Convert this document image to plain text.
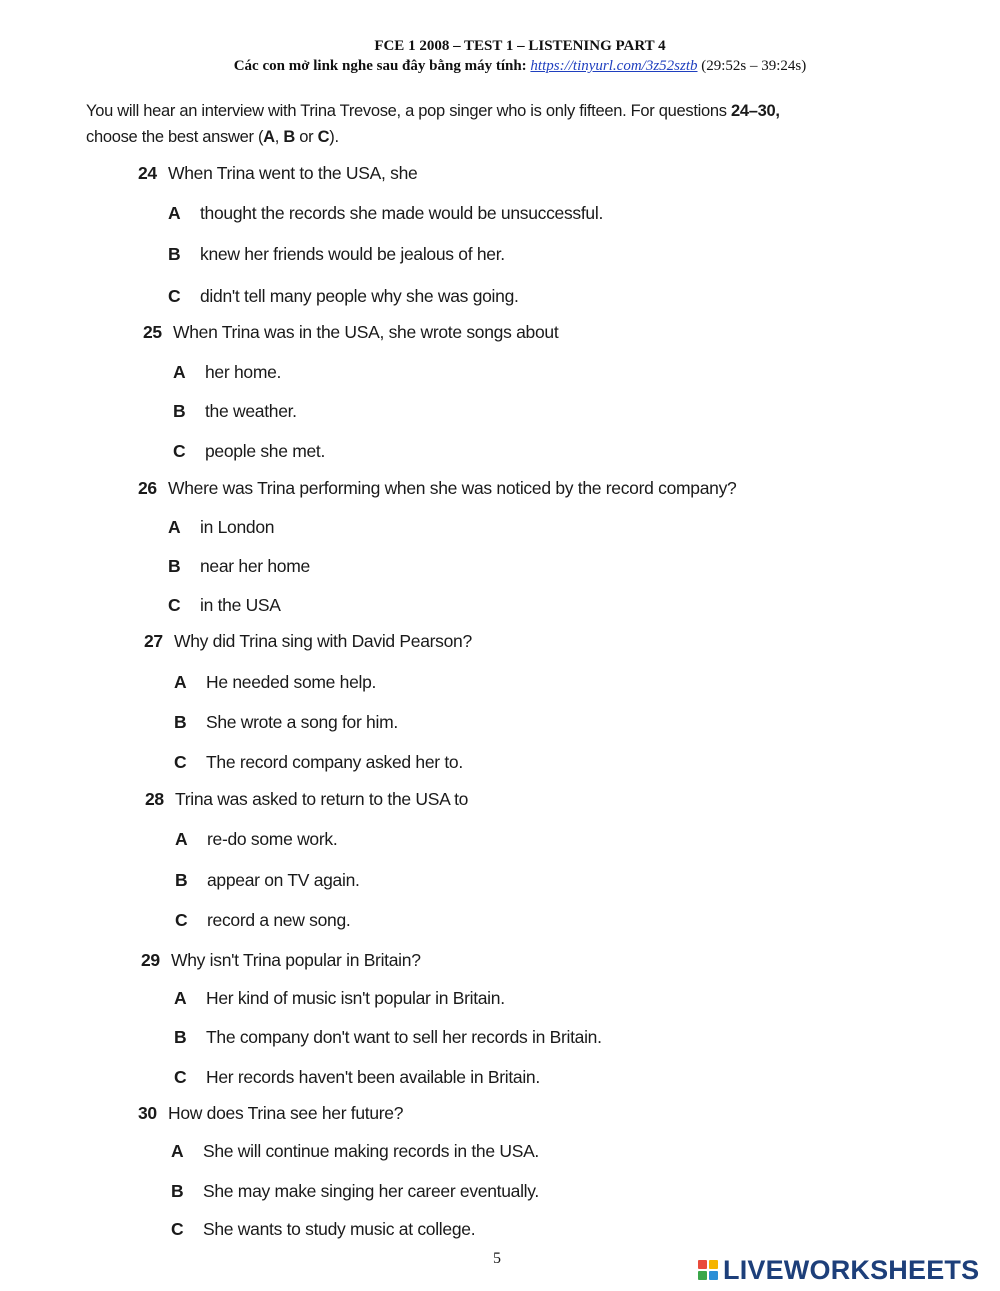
FCE 1 2008 – TEST 1 – LISTENING PART 4
Các con mở link nghe sau đây bằng máy tính: https://tinyurl.com/3z52sztb (29:52s – 39:24s)
You will hear an interview with Trina Trevose, a pop singer who is only fifteen. For questions 24–30,
choose the best answer (A, B or C).
24 When Trina went to the USA, she
A thought the records she made would be unsuccessful.
B knew her friends would be jealous of her.
C didn't tell many people why she was going.
25 When Trina was in the USA, she wrote songs about
A her home.
B the weather.
C people she met.
26 Where was Trina performing when she was noticed by the record company?
A in London
B near her home
C in the USA
27 Why did Trina sing with David Pearson?
A He needed some help.
B She wrote a song for him.
C The record company asked her to.
28 Trina was asked to return to the USA to
A re-do some work.
B appear on TV again.
C record a new song.
29 Why isn't Trina popular in Britain?
A Her kind of music isn't popular in Britain.
B The company don't want to sell her records in Britain.
C Her records haven't been available in Britain.
30 How does Trina see her future?
A She will continue making records in the USA.
B She may make singing her career eventually.
C She wants to study music at college.
5	LIVEWORKSHEETS
